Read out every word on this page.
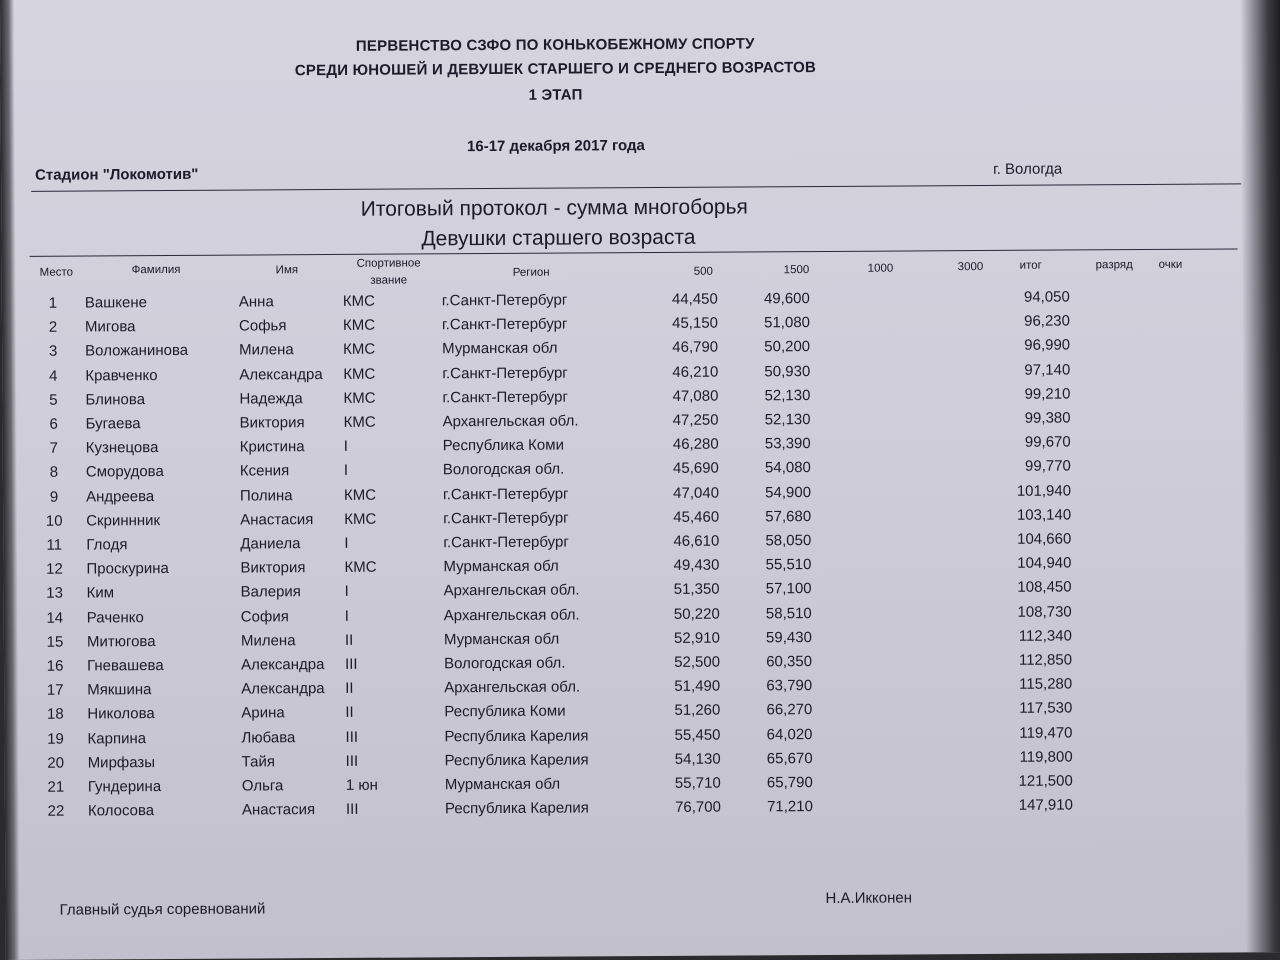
ПЕРВЕНСТВО СЗФО ПО КОНЬКОБЕЖНОМУ СПОРТУ
СРЕДИ ЮНОШЕЙ И ДЕВУШЕК СТАРШЕГО И СРЕДНЕГО ВОЗРАСТОВ
1 ЭТАП
16-17 декабря 2017 года
Стадион "Локомотив"	г. Вологда
Итоговый протокол - сумма многоборья
Девушки старшего возраста
Место	Фамилия	Имя
Спортивное
звание
Регион	500	1500	1000	3000	итог	разряд очки
1	Вашкене	Анна	КМС	г.Санкт-Петербург	44,450	49,600	94,050
2	Мигова	Софья	КМС	г.Санкт-Петербург	45,150	51,080	96,230
3	Воложанинова	Милена	КМС	Мурманская обл	46,790	50,200	96,990
4	Кравченко	Александра КМС	г.Санкт-Петербург	46,210	50,930	97,140
5	Блинова	Надежда	КМС	г.Санкт-Петербург	47,080	52,130	99,210
6	Бугаева	Виктория	КМС	Архангельская обл.	47,250	52,130	99,380
7	Кузнецова	Кристина	I	Республика Коми	46,280	53,390	99,670
8	Сморудова	Ксения	I	Вологодская обл.	45,690	54,080	99,770
9	Андреева	Полина	КМС	г.Санкт-Петербург	47,040	54,900	101,940
10	Скриннник	Анастасия КМС	г.Санкт-Петербург	45,460	57,680	103,140
11	Глодя	Даниела	I	г.Санкт-Петербург	46,610	58,050	104,660
12	Проскурина	Виктория	КМС	Мурманская обл	49,430	55,510	104,940
13	Ким	Валерия	I	Архангельская обл.	51,350	57,100	108,450
14	Раченко	София	I	Архангельская обл.	50,220	58,510	108,730
15	Митюгова	Милена	II	Мурманская обл	52,910	59,430	112,340
16	Гневашева	Александра III	Вологодская обл.	52,500	60,350	112,850
17	Мякшина	Александра II	Архангельская обл.	51,490	63,790	115,280
18	Николова	Арина	II	Республика Коми	51,260	66,270	117,530
19	Карпина	Любава	III	Республика Карелия	55,450	64,020	119,470
20	Мирфазы	Тайя	III	Республика Карелия	54,130	65,670	119,800
21	Гундерина	Ольга	1 юн	Мурманская обл	55,710	65,790	121,500
22	Колосова	Анастасия III	Республика Карелия	76,700	71,210	147,910
Главный судья соревнований
Н.А.Икконен
